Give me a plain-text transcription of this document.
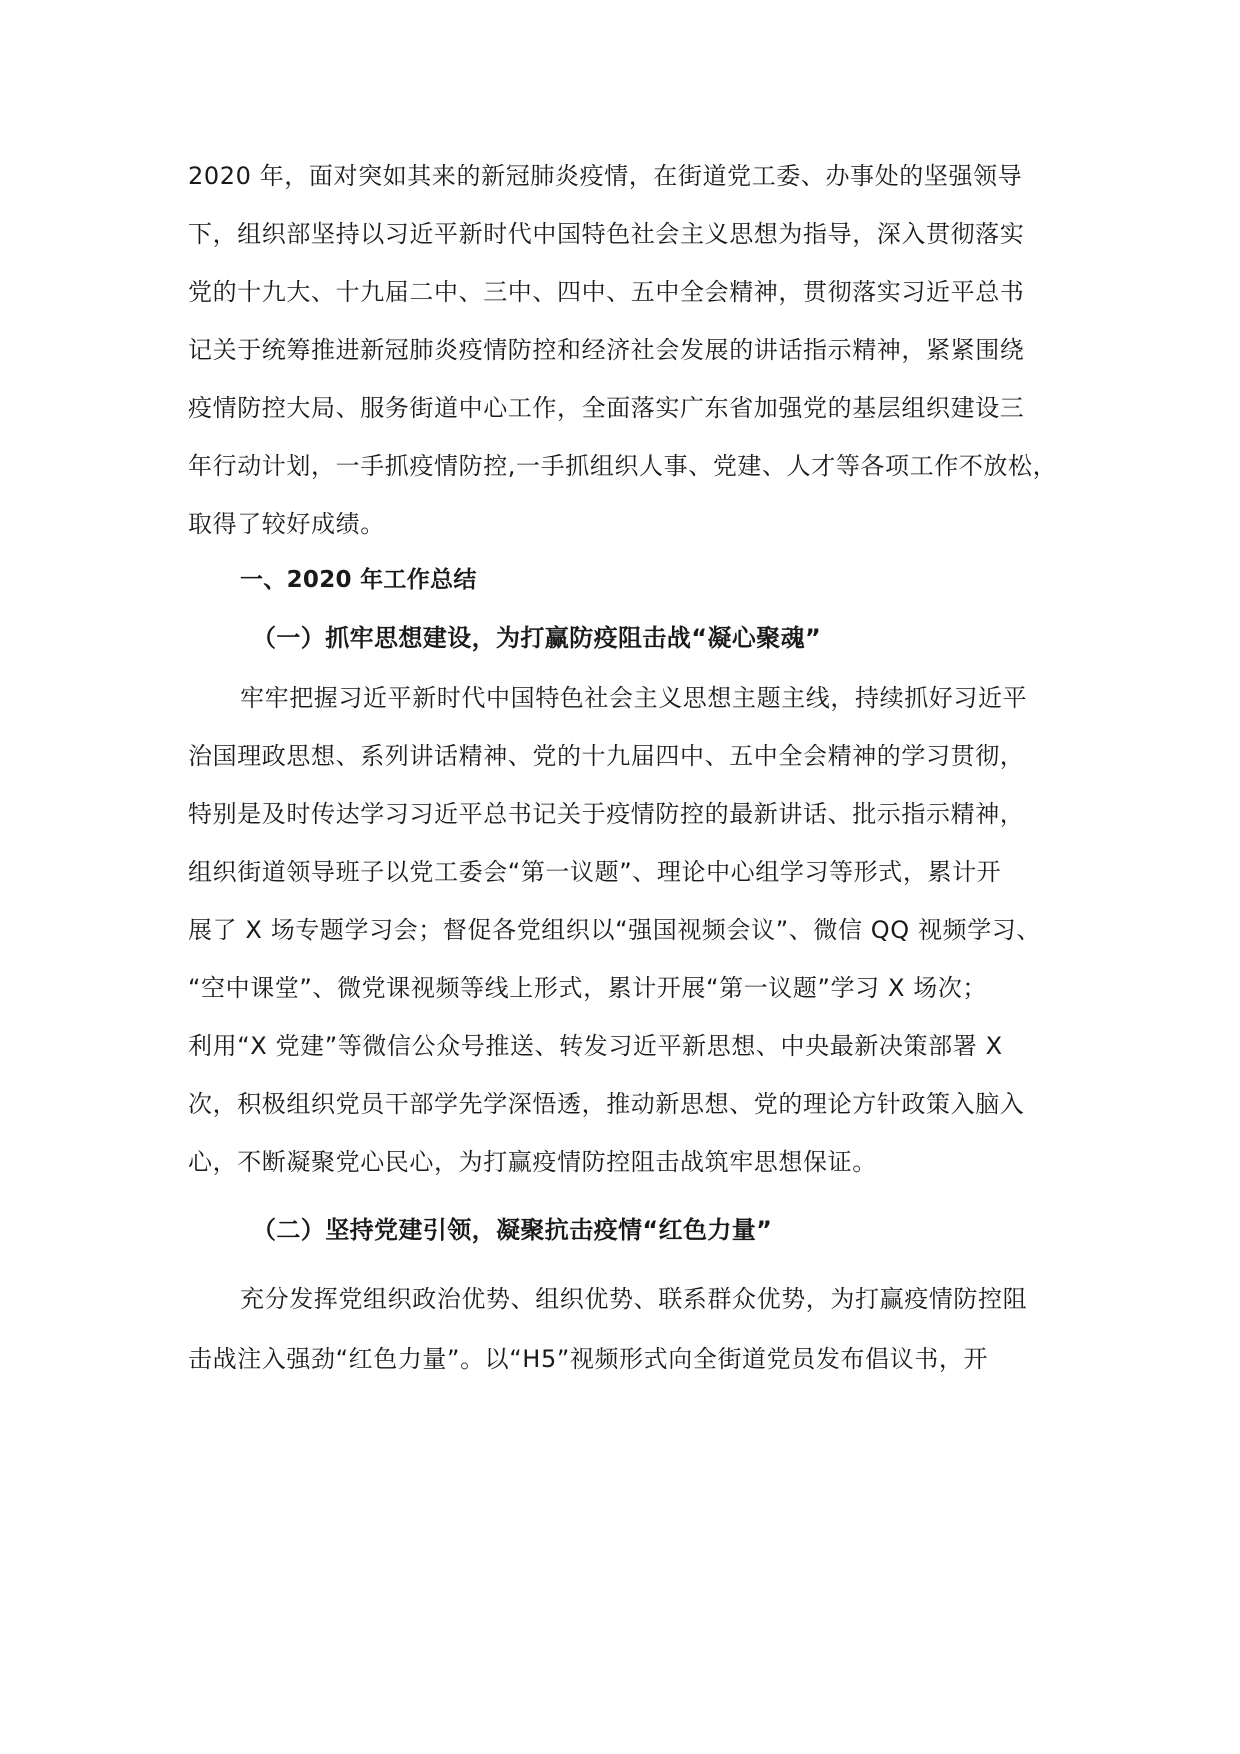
2020 年，面对突如其来的新冠肺炎疫情，在街道党工委、办事处的坚强领导
下，组织部坚持以习近平新时代中国特色社会主义思想为指导，深入贯彻落实
党的十九大、十九届二中、三中、四中、五中全会精神，贯彻落实习近平总书
记关于统筹推进新冠肺炎疫情防控和经济社会发展的讲话指示精神，紧紧围绕
疫情防控大局、服务街道中心工作，全面落实广东省加强党的基层组织建设三
年行动计划，一手抓疫情防控,一手抓组织人事、党建、人才等各项工作不放松，
取得了较好成绩。
一、2020 年工作总结
（一）抓牢思想建设，为打赢防疫阻击战“凝心聚魂”
牢牢把握习近平新时代中国特色社会主义思想主题主线，持续抓好习近平
治国理政思想、系列讲话精神、党的十九届四中、五中全会精神的学习贯彻，
特别是及时传达学习习近平总书记关于疫情防控的最新讲话、批示指示精神，
组织街道领导班子以党工委会“第一议题”、理论中心组学习等形式，累计开
展了 X 场专题学习会；督促各党组织以“强国视频会议”、微信 QQ 视频学习、
“空中课堂”、微党课视频等线上形式，累计开展“第一议题”学习 X 场次；
利用“X 党建”等微信公众号推送、转发习近平新思想、中央最新决策部署 X
次，积极组织党员干部学先学深悟透，推动新思想、党的理论方针政策入脑入
心，不断凝聚党心民心，为打赢疫情防控阻击战筑牢思想保证。
（二）坚持党建引领，凝聚抗击疫情“红色力量”
充分发挥党组织政治优势、组织优势、联系群众优势，为打赢疫情防控阻
击战注入强劲“红色力量”。以“H5”视频形式向全街道党员发布倡议书，开
